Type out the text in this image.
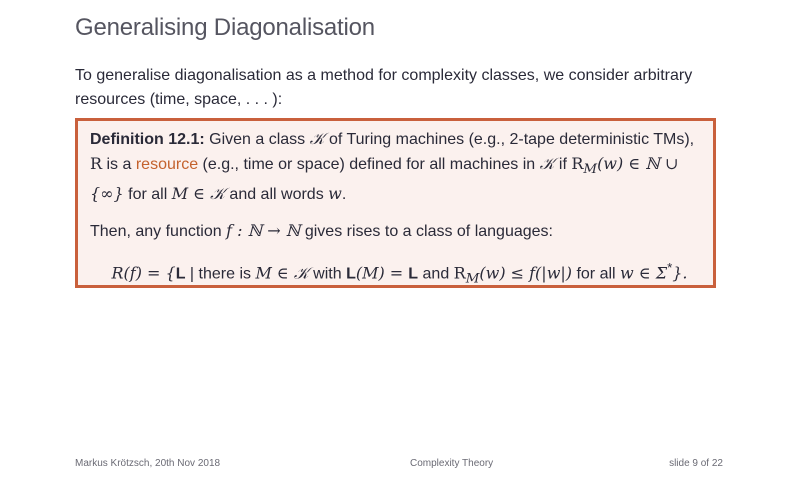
Generalising Diagonalisation
To generalise diagonalisation as a method for complexity classes, we consider arbitrary resources (time, space, . . . ):

Definition 12.1: Given a class 𝒦 of Turing machines (e.g., 2-tape deterministic TMs), R is a resource (e.g., time or space) defined for all machines in 𝒦 if $R_M(w)$ ∈ ℕ ∪ {∞} for all M ∈ 𝒦 and all words w.

Then, any function f : ℕ → ℕ gives rises to a class of languages:

R(f) = {L | there is M ∈ 𝒦 with L(M) = L and $R_M(w) \le f(|w|)$ for all w ∈ Σ*}.

Markus Krötzsch, 20th Nov 2018	Complexity Theory	slide 9 of 22
